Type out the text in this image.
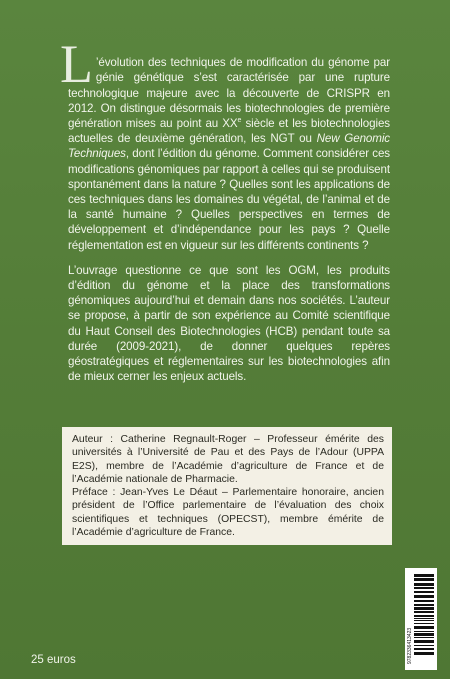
L ’évolution des techniques de modification du génome par génie génétique s’est caractérisée par une rupture technologique majeure avec la découverte de CRISPR en 2012. On distingue désormais les biotechnologies de première génération mises au point au XXe siècle et les biotechnologies actuelles de deuxième génération, les NGT ou New Genomic Techniques, dont l’édition du génome. Comment considérer ces modifications génomiques par rapport à celles qui se produisent spontanément dans la nature ? Quelles sont les applications de ces techniques dans les domaines du végétal, de l’animal et de la santé humaine ? Quelles perspectives en termes de développement et d’indépendance pour les pays ? Quelle réglementation est en vigueur sur les différents continents ?

L’ouvrage questionne ce que sont les OGM, les produits d’édition du génome et la place des transformations génomiques aujourd’hui et demain dans nos sociétés. L’auteur se propose, à partir de son expérience au Comité scientifique du Haut Conseil des Biotechnologies (HCB) pendant toute sa durée (2009-2021), de donner quelques repères géostratégiques et réglementaires sur les biotechnologies afin de mieux cerner les enjeux actuels.

Auteur : Catherine Regnault-Roger – Professeur émérite des universités à l’Université de Pau et des Pays de l’Adour (UPPA E2S), membre de l’Académie d’agriculture de France et de l’Académie nationale de Pharmacie.

Préface : Jean-Yves Le Déaut – Parlementaire honoraire, ancien président de l’Office parlementaire de l’évaluation des choix scientifiques et techniques (OPECST), membre émérite de l’Académie d’agriculture de France.

25 euros	9782336413423
